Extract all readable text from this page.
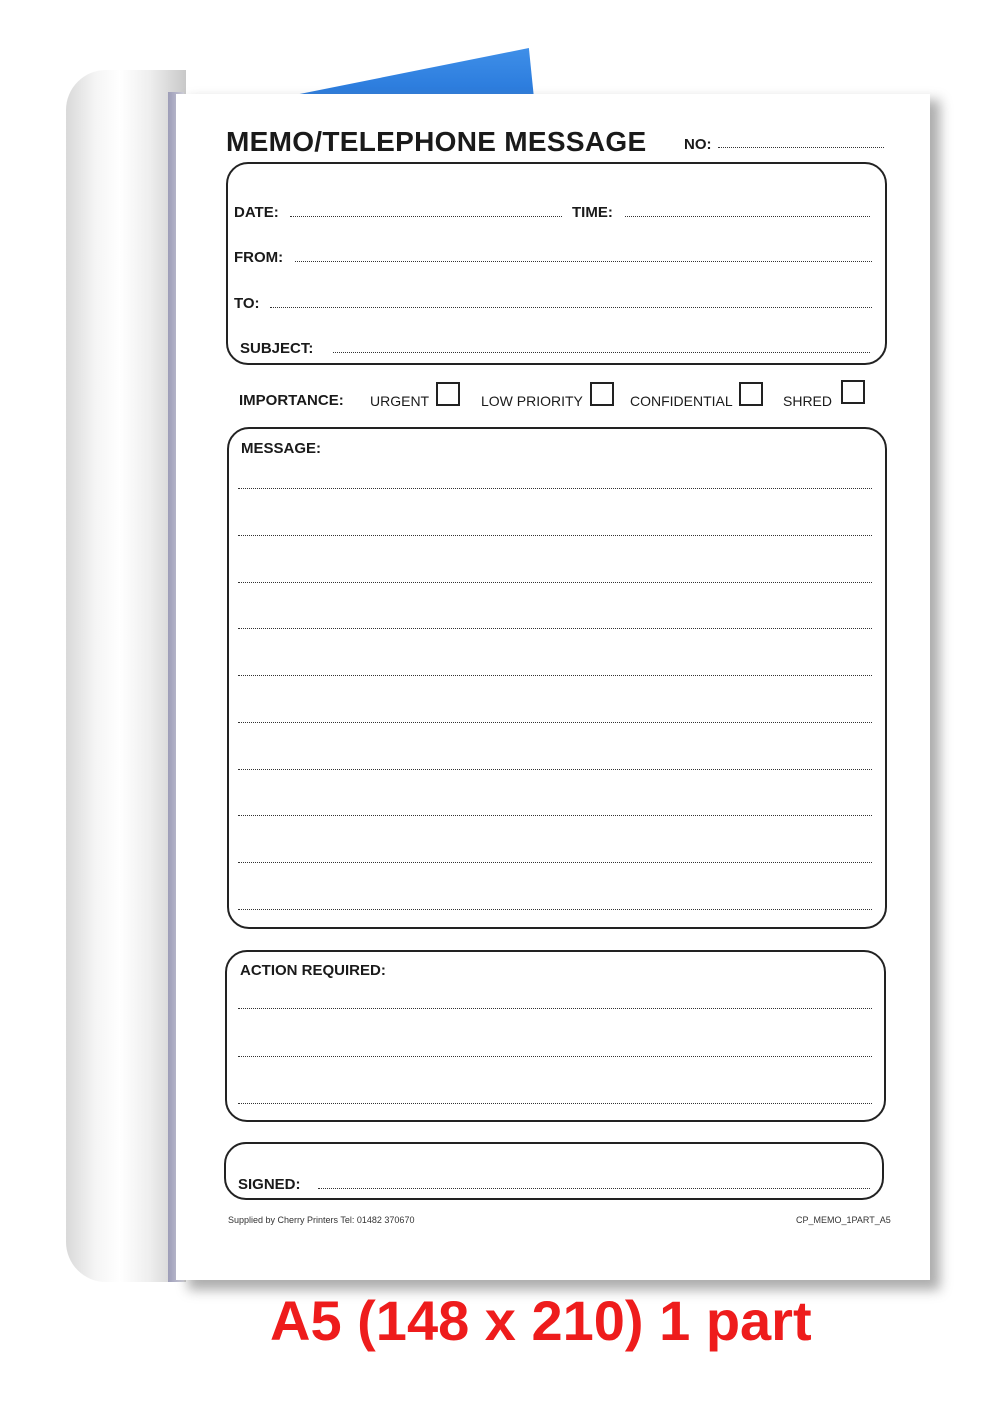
MEMO/TELEPHONE MESSAGE	NO:
DATE:	TIME:
FROM:
TO:
SUBJECT:
IMPORTANCE: URGENT	LOW PRIORITY	CONFIDENTIAL	SHRED
MESSAGE:
ACTION REQUIRED:
SIGNED:
Supplied by Cherry Printers Tel: 01482 370670	CP_MEMO_1PART_A5
A5 (148 x 210) 1 part
